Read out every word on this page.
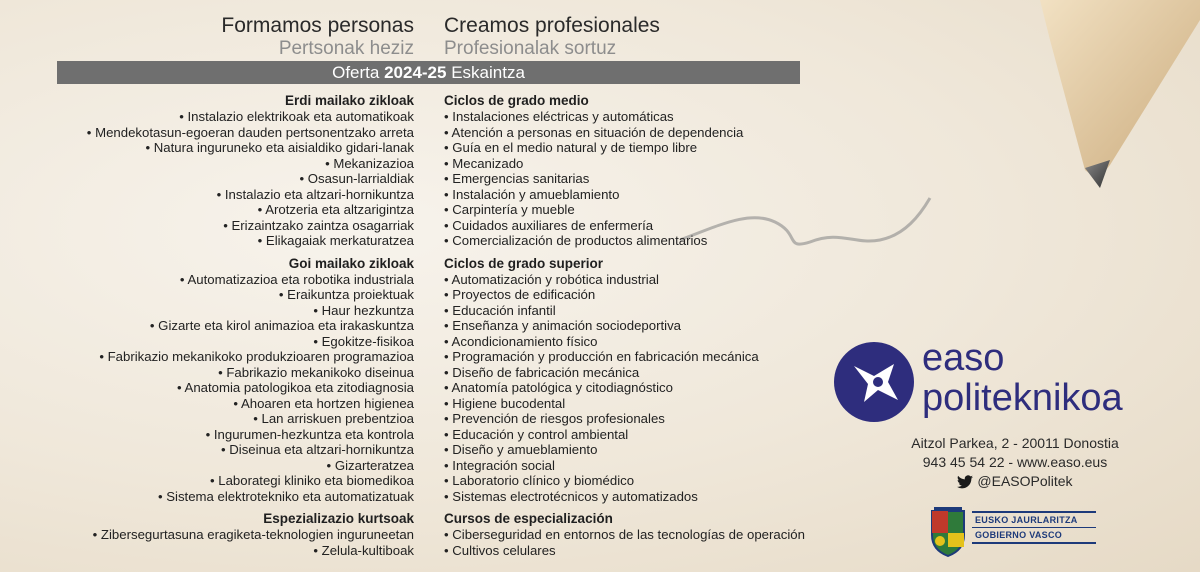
Formamos personas
Pertsonak heziz
Creamos profesionales
Profesionalak sortuz
Oferta 2024-25 Eskaintza
Erdi mailako zikloak
• Instalazio elektrikoak eta automatikoak
• Mendekotasun-egoeran dauden pertsonentzako arreta
• Natura inguruneko eta aisialdiko gidari-lanak
• Mekanizazioa
• Osasun-larrialdiak
• Instalazio eta altzari-hornikuntza
• Arotzeria eta altzarigintza
• Erizaintzako zaintza osagarriak
• Elikagaiak merkaturatzea
Goi mailako zikloak
• Automatizazioa eta robotika industriala
• Eraikuntza proiektuak
• Haur hezkuntza
• Gizarte eta kirol animazioa eta irakaskuntza
• Egokitze-fisikoa
• Fabrikazio mekanikoko produkzioaren programazioa
• Fabrikazio mekanikoko diseinua
• Anatomia patologikoa eta zitodiagnosia
• Ahoaren eta hortzen higienea
• Lan arriskuen prebentzioa
• Ingurumen-hezkuntza eta kontrola
• Diseinua eta altzari-hornikuntza
• Gizarteratzea
• Laborategi kliniko eta biomedikoa
• Sistema elektroteknikо eta automatizatuak
Espezializazio kurtsoak
• Zibersegurtasuna eragiketa-teknologien inguruneetan
• Zelula-kultiboak
Ciclos de grado medio
• Instalaciones eléctricas y automáticas
• Atención a personas en situación de dependencia
• Guía en el medio natural y de tiempo libre
• Mecanizado
• Emergencias sanitarias
• Instalación y amueblamiento
• Carpintería y mueble
• Cuidados auxiliares de enfermería
• Comercialización de productos alimentarios
Ciclos de grado superior
• Automatización y robótica industrial
• Proyectos de edificación
• Educación infantil
• Enseñanza y animación sociodeportiva
• Acondicionamiento físico
• Programación y producción en fabricación mecánica
• Diseño de fabricación mecánica
• Anatomía patológica y citodiagnóstico
• Higiene bucodental
• Prevención de riesgos profesionales
• Educación y control ambiental
• Diseño y amueblamiento
• Integración social
• Laboratorio clínico y biomédico
• Sistemas electrotécnicos y automatizados
Cursos de especialización
• Ciberseguridad en entornos de las tecnologías de operación
• Cultivos celulares
easo
politeknikoa
Aitzol Parkea, 2 - 20011 Donostia
943 45 54 22 - www.easo.eus
@EASOPolitek
EUSKO JAURLARITZA
GOBIERNO VASCO
